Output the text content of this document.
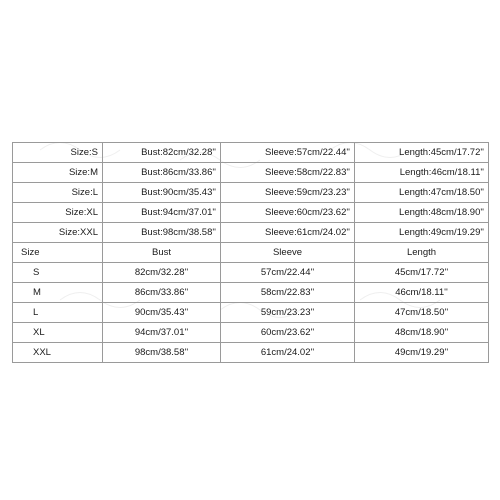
Size:S	Bust:82cm/32.28''	Sleeve:57cm/22.44''	Length:45cm/17.72''
Size:M	Bust:86cm/33.86''	Sleeve:58cm/22.83''	Length:46cm/18.11''
Size:L	Bust:90cm/35.43''	Sleeve:59cm/23.23''	Length:47cm/18.50''
Size:XL	Bust:94cm/37.01''	Sleeve:60cm/23.62''	Length:48cm/18.90''
Size:XXL	Bust:98cm/38.58''	Sleeve:61cm/24.02''	Length:49cm/19.29''
Size	Bust	Sleeve	Length
S	82cm/32.28''	57cm/22.44''	45cm/17.72''
M	86cm/33.86''	58cm/22.83''	46cm/18.11''
L	90cm/35.43''	59cm/23.23''	47cm/18.50''
XL	94cm/37.01''	60cm/23.62''	48cm/18.90''
XXL	98cm/38.58''	61cm/24.02''	49cm/19.29''
